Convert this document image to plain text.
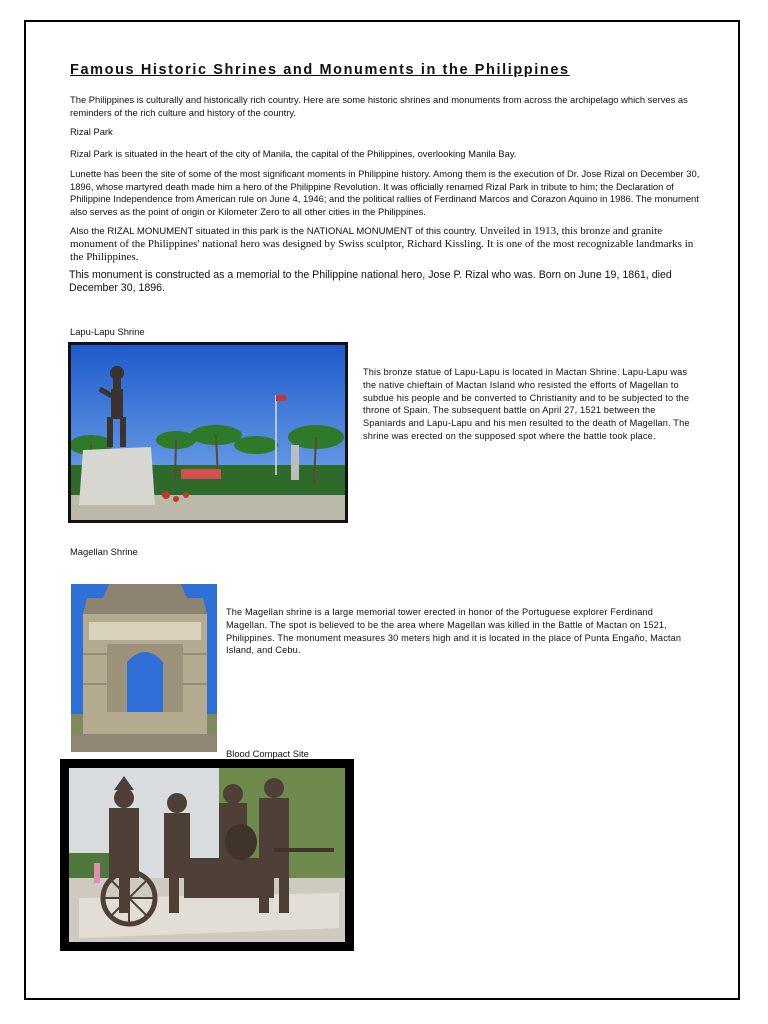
Famous Historic Shrines and Monuments in the Philippines

The Philippines is culturally and historically rich country. Here are some historic shrines and monuments from across the archipelago which serves as reminders of the rich culture and history of the country.

Rizal Park

Rizal Park is situated in the heart of the city of Manila, the capital of the Philippines, overlooking Manila Bay.

Lunette has been the site of some of the most significant moments in Philippine history. Among them is the execution of Dr. Jose Rizal on December 30, 1896, whose martyred death made him a hero of the Philippine Revolution. It was officially renamed Rizal Park in tribute to him; the Declaration of Philippine Independence from American rule on June 4, 1946; and the political rallies of Ferdinand Marcos and Corazon Aquino in 1986. The monument also serves as the point of origin or Kilometer Zero to all other cities in the Philippines.

Also the RIZAL MONUMENT situated in this park is the NATIONAL MONUMENT of this country. Unveiled in 1913, this bronze and granite monument of the Philippines' national hero was designed by Swiss sculptor, Richard Kissling. It is one of the most recognizable landmarks in the Philippines.

This monument is constructed as a memorial to the Philippine national hero, Jose P. Rizal who was. Born on June 19, 1861, died December 30, 1896.

Lapu-Lapu Shrine

This bronze statue of Lapu-Lapu is located in Mactan Shrine. Lapu-Lapu was the native chieftain of Mactan Island who resisted the efforts of Magellan to subdue his people and be converted to Christianity and to be subjected to the throne of Spain. The subsequent battle on April 27, 1521 between the Spaniards and Lapu-Lapu and his men resulted to the death of Magellan. The shrine was erected on the supposed spot where the battle took place.

Magellan Shrine

The Magellan shrine is a large memorial tower erected in honor of the Portuguese explorer Ferdinand Magellan. The spot is believed to be the area where Magellan was killed in the Battle of Mactan on 1521, Philippines. The monument measures 30 meters high and it is located in the place of Punta Engaño, Mactan Island, and Cebu.

Blood Compact Site
